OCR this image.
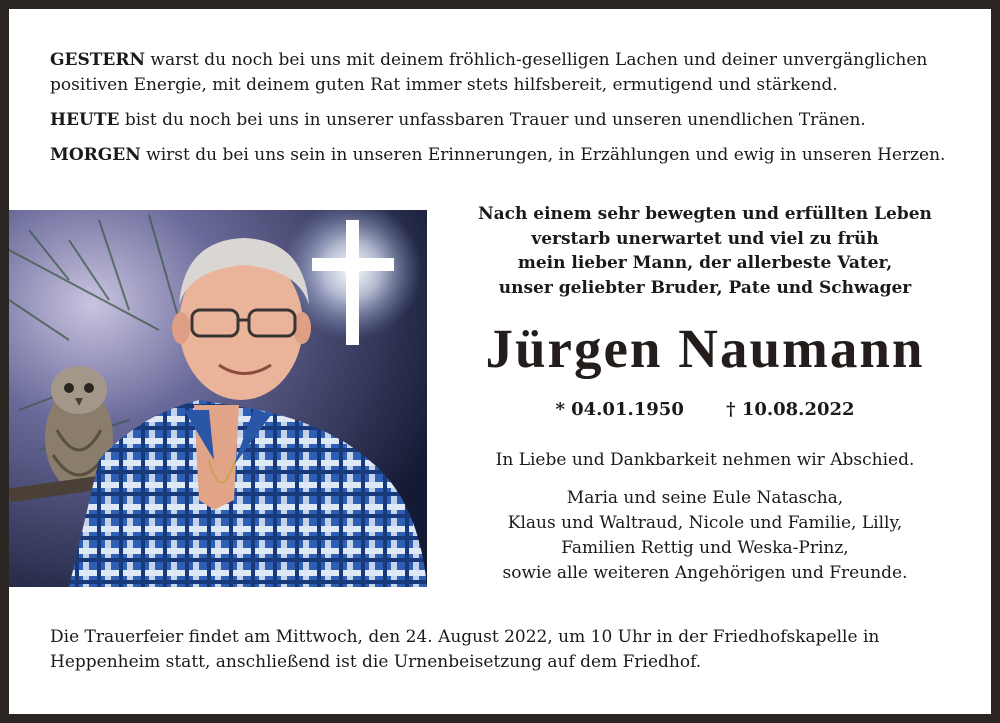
GESTERN warst du noch bei uns mit deinem fröhlich-geselligen Lachen und deiner unvergänglichen positiven Energie, mit deinem guten Rat immer stets hilfsbereit, ermutigend und stärkend.

HEUTE bist du noch bei uns in unserer unfassbaren Trauer und unseren unendlichen Tränen.

MORGEN wirst du bei uns sein in unseren Erinnerungen, in Erzählungen und ewig in unseren Herzen.

Nach einem sehr bewegten und erfüllten Leben
verstarb unerwartet und viel zu früh
mein lieber Mann, der allerbeste Vater,
unser geliebter Bruder, Pate und Schwager
Jürgen Naumann
* 04.01.1950 † 10.08.2022
In Liebe und Dankbarkeit nehmen wir Abschied.
Maria und seine Eule Natascha,
Klaus und Waltraud, Nicole und Familie, Lilly,
Familien Rettig und Weska-Prinz,
sowie alle weiteren Angehörigen und Freunde.
Die Trauerfeier findet am Mittwoch, den 24. August 2022, um 10 Uhr in der Friedhofskapelle in Heppenheim statt, anschließend ist die Urnenbeisetzung auf dem Friedhof.
